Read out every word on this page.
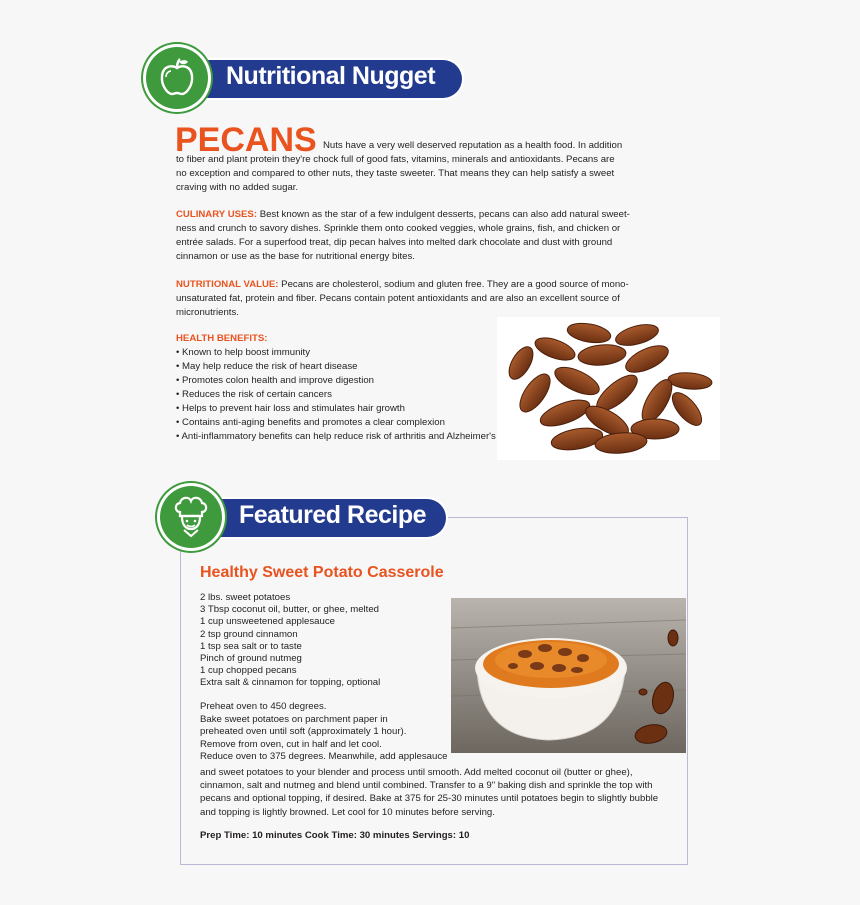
Nutritional Nugget
PECANS Nuts have a very well deserved reputation as a health food. In addition
to fiber and plant protein they're chock full of good fats, vitamins, minerals and antioxidants. Pecans are
no exception and compared to other nuts, they taste sweeter. That means they can help satisfy a sweet
craving with no added sugar.
CULINARY USES: Best known as the star of a few indulgent desserts, pecans can also add natural sweet-
ness and crunch to savory dishes. Sprinkle them onto cooked veggies, whole grains, fish, and chicken or
entrée salads. For a superfood treat, dip pecan halves into melted dark chocolate and dust with ground
cinnamon or use as the base for nutritional energy bites.
NUTRITIONAL VALUE: Pecans are cholesterol, sodium and gluten free. They are a good source of mono-
unsaturated fat, protein and fiber. Pecans contain potent antioxidants and are also an excellent source of
micronutrients.
HEALTH BENEFITS:
• Known to help boost immunity
• May help reduce the risk of heart disease
• Promotes colon health and improve digestion
• Reduces the risk of certain cancers
• Helps to prevent hair loss and stimulates hair growth
• Contains anti-aging benefits and promotes a clear complexion
• Anti-inflammatory benefits can help reduce risk of arthritis and Alzheimer's
Featured Recipe
Healthy Sweet Potato Casserole
2 lbs. sweet potatoes
3 Tbsp coconut oil, butter, or ghee, melted
1 cup unsweetened applesauce
2 tsp ground cinnamon
1 tsp sea salt or to taste
Pinch of ground nutmeg
1 cup chopped pecans
Extra salt & cinnamon for topping, optional
Preheat oven to 450 degrees.
Bake sweet potatoes on parchment paper in
preheated oven until soft (approximately 1 hour).
Remove from oven, cut in half and let cool.
Reduce oven to 375 degrees. Meanwhile, add applesauce
and sweet potatoes to your blender and process until smooth. Add melted coconut oil (butter or ghee),
cinnamon, salt and nutmeg and blend until combined. Transfer to a 9" baking dish and sprinkle the top with
pecans and optional topping, if desired. Bake at 375 for 25-30 minutes until potatoes begin to slightly bubble
and topping is lightly browned. Let cool for 10 minutes before serving.
Prep Time: 10 minutes Cook Time: 30 minutes Servings: 10
